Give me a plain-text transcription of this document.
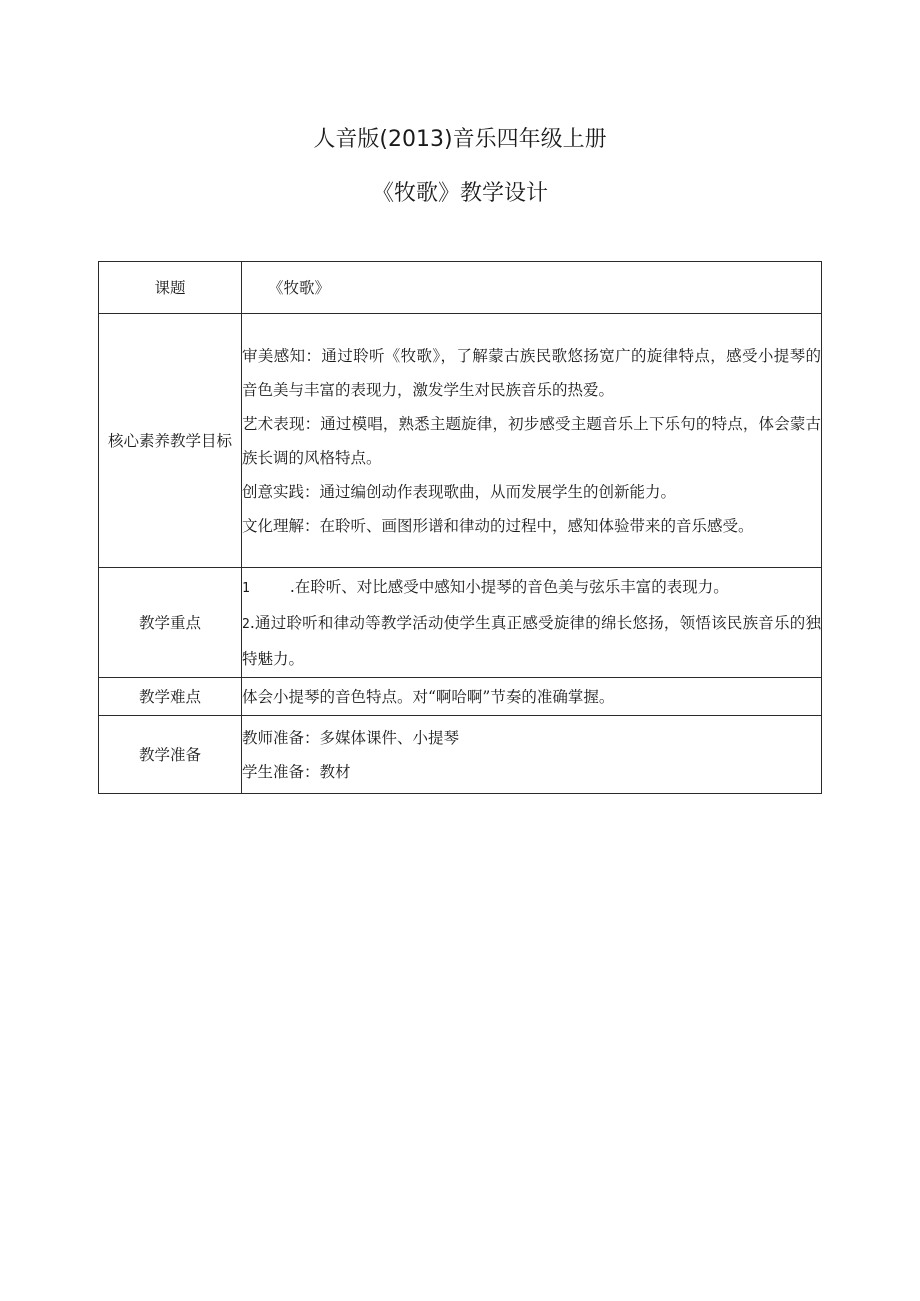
人音版(2013)音乐四年级上册
《牧歌》教学设计
课题	《牧歌》
核心素养教学目标	审美感知：通过聆听《牧歌》，了解蒙古族民歌悠扬宽广的旋律特点，感受小提琴的音色美与丰富的表现力，激发学生对民族音乐的热爱。
艺术表现：通过模唱，熟悉主题旋律，初步感受主题音乐上下乐句的特点，体会蒙古族长调的风格特点。
创意实践：通过编创动作表现歌曲，从而发展学生的创新能力。
文化理解：在聆听、画图形谱和律动的过程中，感知体验带来的音乐感受。

教学重点	1 .在聆听、对比感受中感知小提琴的音色美与弦乐丰富的表现力。
2.通过聆听和律动等教学活动使学生真正感受旋律的绵长悠扬，领悟该民族音乐的独特魅力。

教学难点	体会小提琴的音色特点。对“啊哈啊”节奏的准确掌握。
教学准备	教师准备：多媒体课件、小提琴
学生准备：教材
